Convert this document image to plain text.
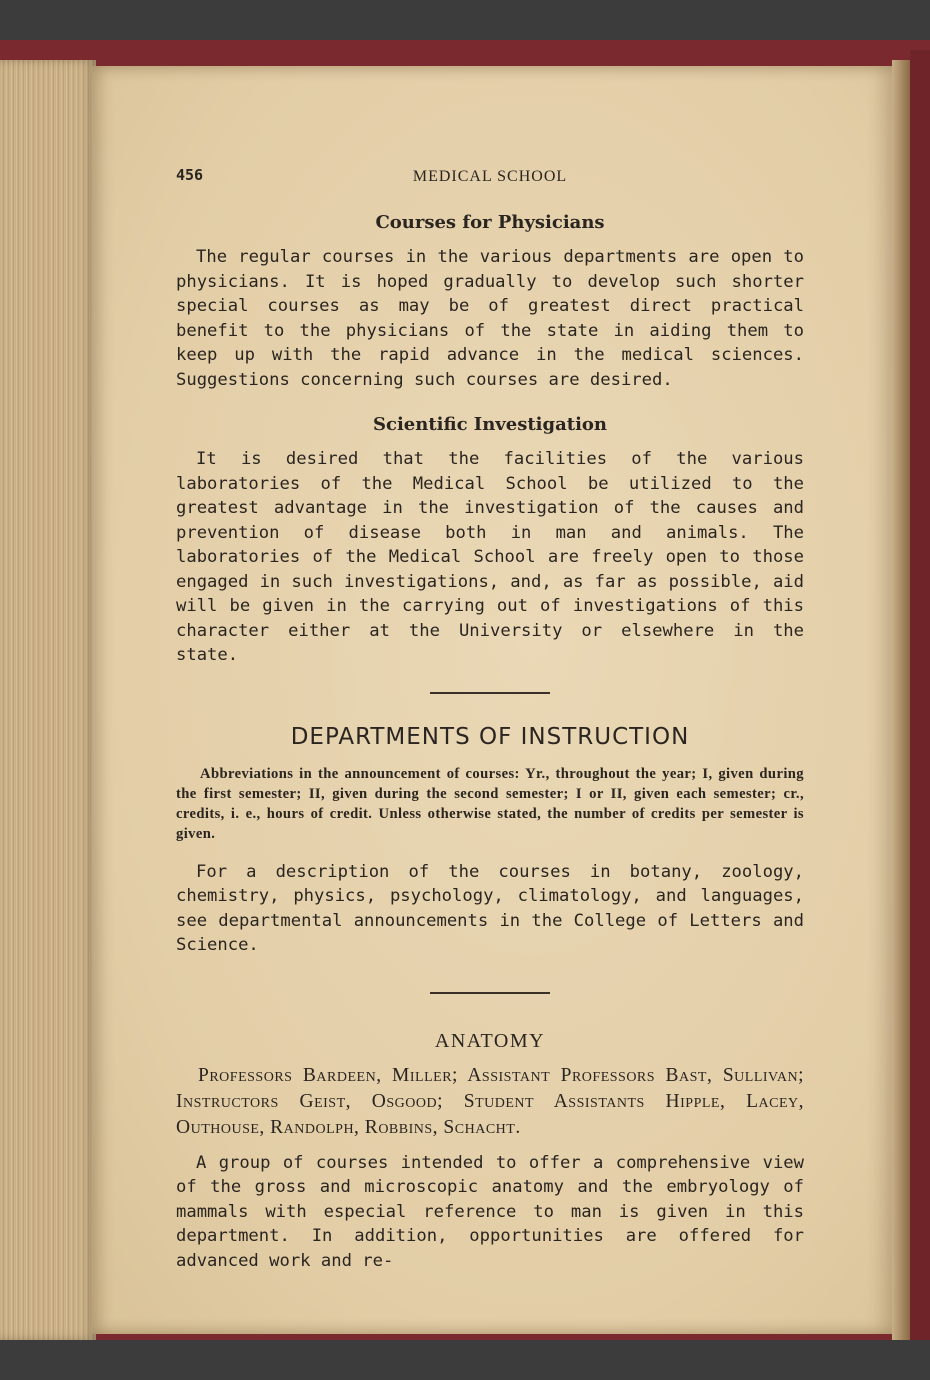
456	MEDICAL SCHOOL
Courses for Physicians

The regular courses in the various departments are open to physicians. It is hoped gradually to develop such shorter special courses as may be of greatest direct practical benefit to the physicians of the state in aiding them to keep up with the rapid advance in the medical sciences. Suggestions concerning such courses are desired.

Scientific Investigation

It is desired that the facilities of the various laboratories of the Medical School be utilized to the greatest advantage in the investigation of the causes and prevention of disease both in man and animals. The laboratories of the Medical School are freely open to those engaged in such investigations, and, as far as possible, aid will be given in the carrying out of investigations of this character either at the University or elsewhere in the state.

DEPARTMENTS OF INSTRUCTION

Abbreviations in the announcement of courses: Yr., throughout the year; I, given during the first semester; II, given during the second semester; I or II, given each semester; cr., credits, i. e., hours of credit. Unless otherwise stated, the number of credits per semester is given.

For a description of the courses in botany, zoology, chemistry, physics, psychology, climatology, and languages, see departmental announcements in the College of Letters and Science.

ANATOMY

Professors Bardeen, Miller; Assistant Professors Bast, Sullivan; Instructors Geist, Osgood; Student Assistants Hipple, Lacey, Outhouse, Randolph, Robbins, Schacht.

A group of courses intended to offer a comprehensive view of the gross and microscopic anatomy and the embryology of mammals with especial reference to man is given in this department. In addition, opportunities are offered for advanced work and re-
